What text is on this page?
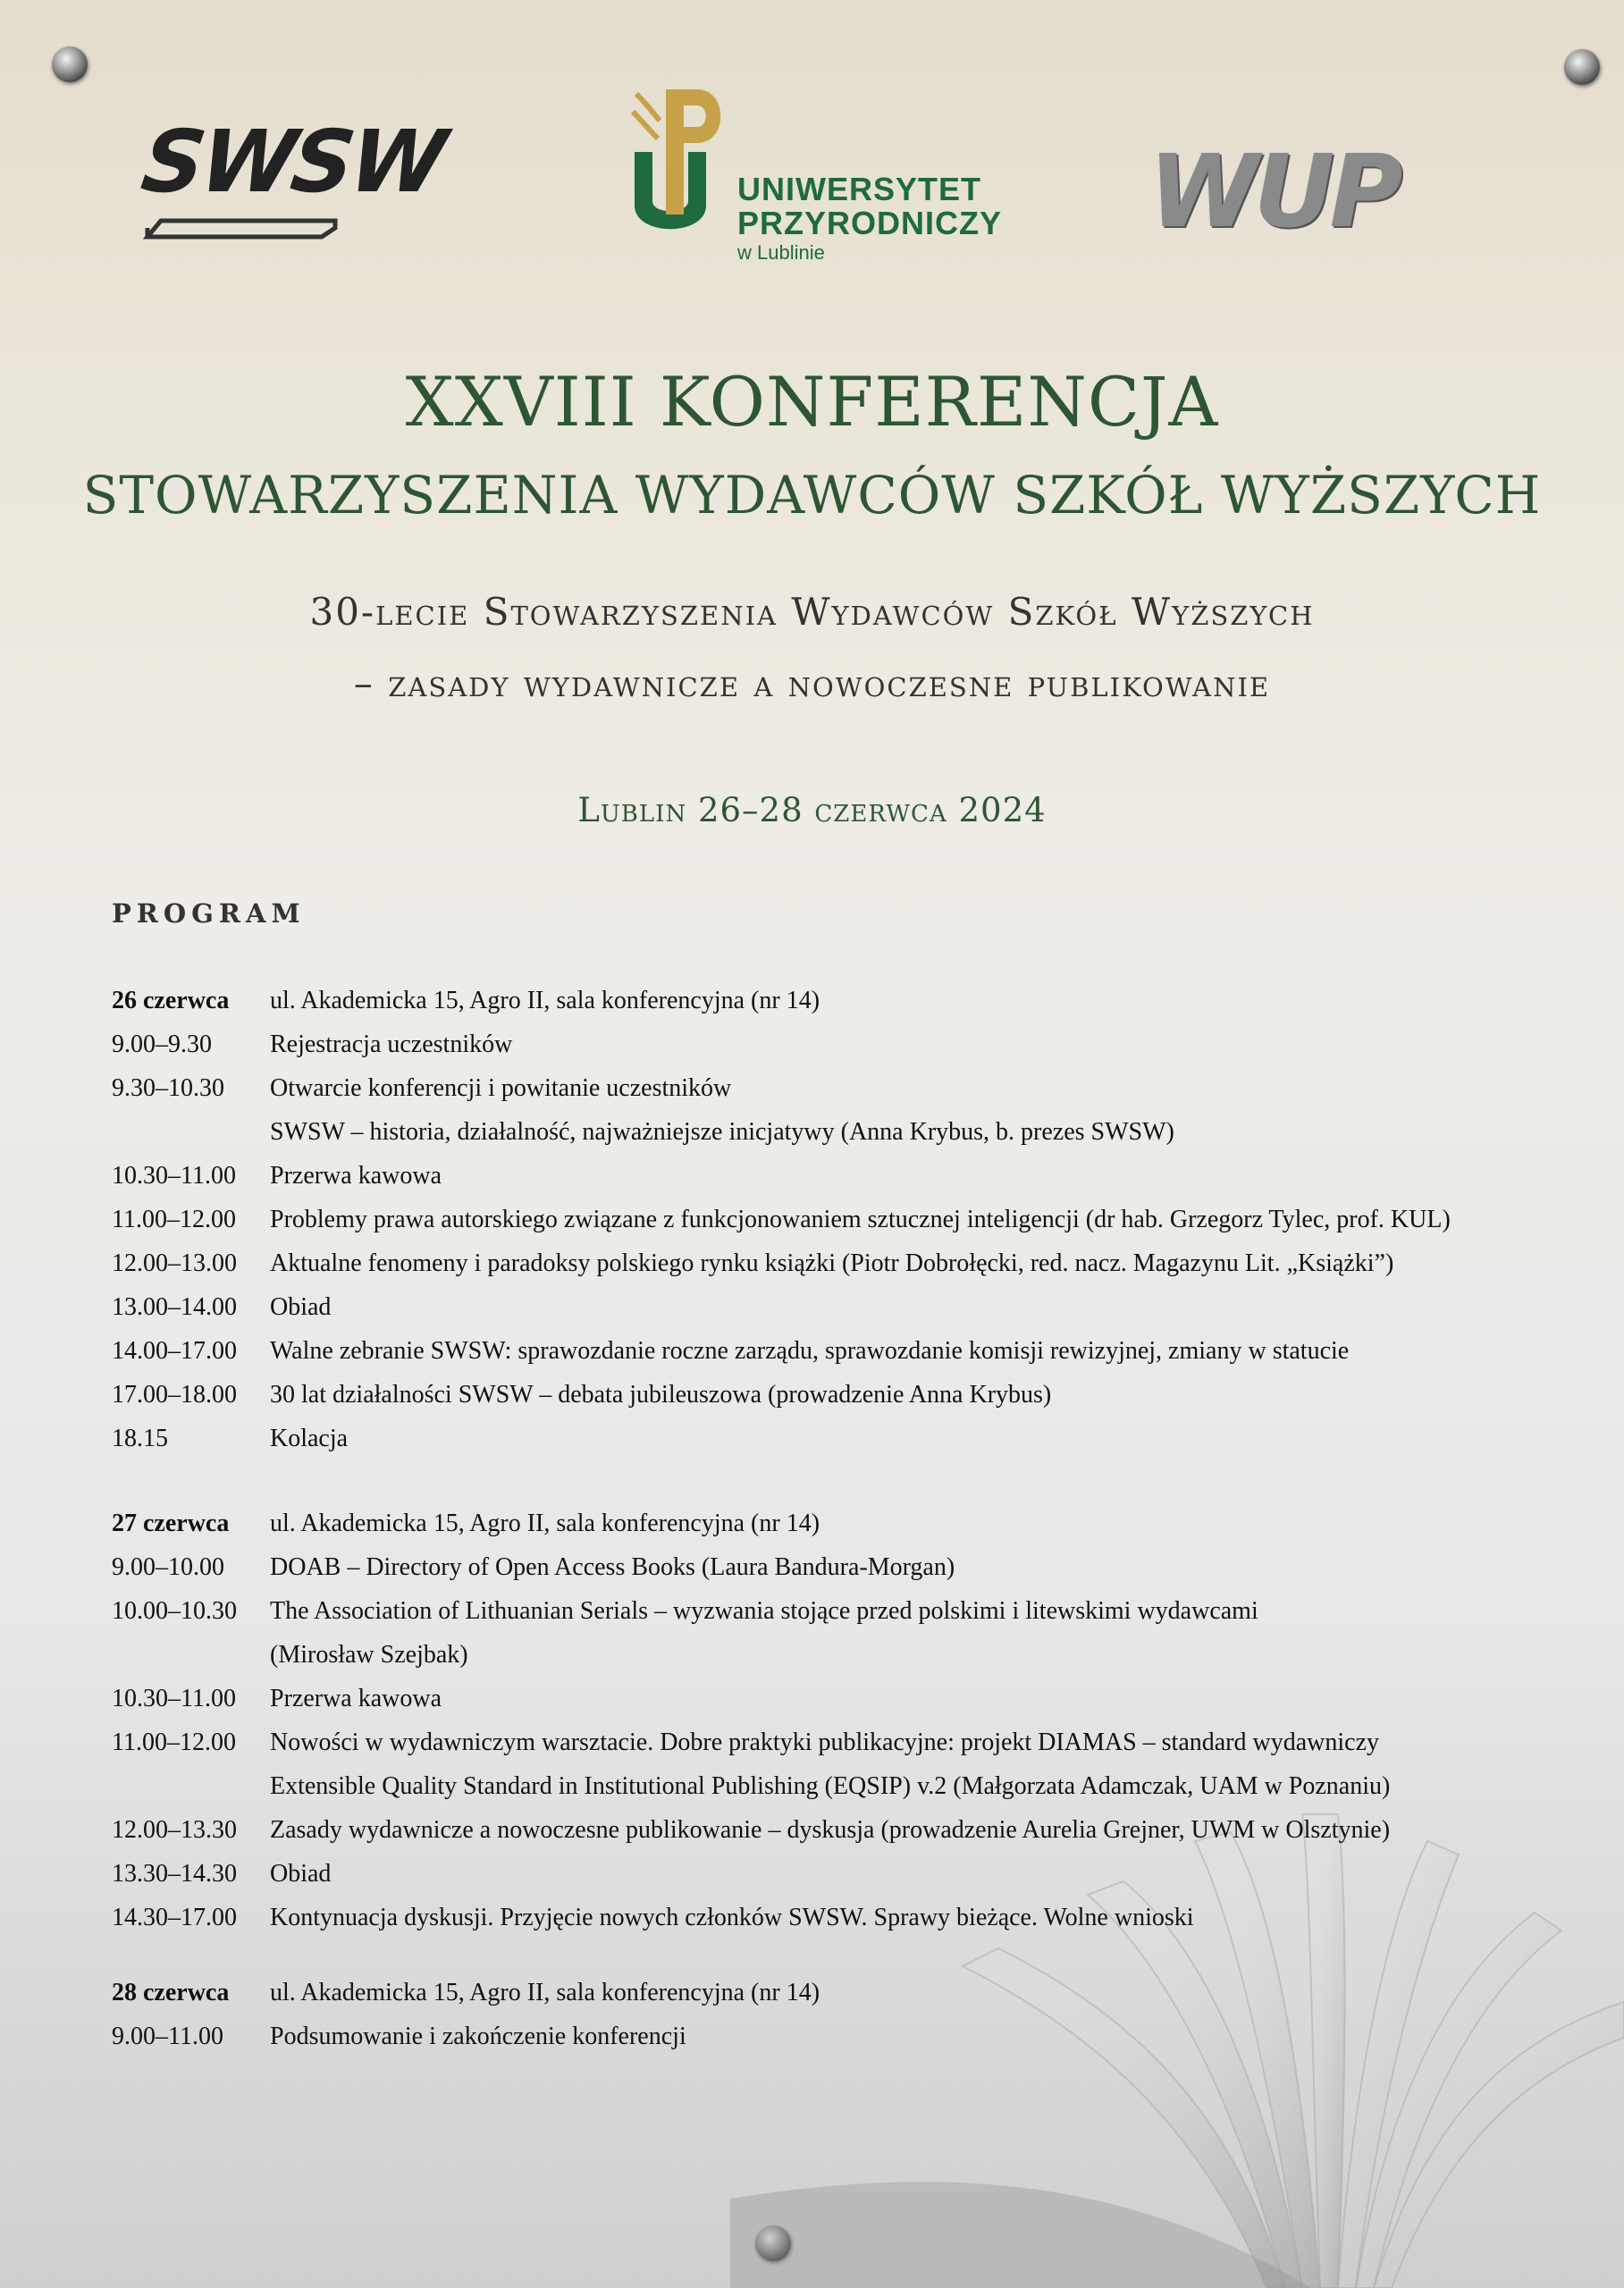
SWSW	UNIWERSYTET
PRZYRODNICZY
w Lublinie
WUP
XXVIII KONFERENCJA
STOWARZYSZENIA WYDAWCÓW SZKÓŁ WYŻSZYCH
30-lecie Stowarzyszenia Wydawców Szkół Wyższych
– zasady wydawnicze a nowoczesne publikowanie
Lublin 26–28 czerwca 2024
PROGRAM
26 czerwca	ul. Akademicka 15, Agro II, sala konferencyjna (nr 14)
9.00–9.30	Rejestracja uczestników
9.30–10.30	Otwarcie konferencji i powitanie uczestników
SWSW – historia, działalność, najważniejsze inicjatywy (Anna Krybus, b. prezes SWSW)
10.30–11.00	Przerwa kawowa
11.00–12.00	Problemy prawa autorskiego związane z funkcjonowaniem sztucznej inteligencji (dr hab. Grzegorz Tylec, prof. KUL)
12.00–13.00	Aktualne fenomeny i paradoksy polskiego rynku książki (Piotr Dobrołęcki, red. nacz. Magazynu Lit. „Książki”)
13.00–14.00	Obiad
14.00–17.00	Walne zebranie SWSW: sprawozdanie roczne zarządu, sprawozdanie komisji rewizyjnej, zmiany w statucie
17.00–18.00	30 lat działalności SWSW – debata jubileuszowa (prowadzenie Anna Krybus)
18.15	Kolacja
27 czerwca	ul. Akademicka 15, Agro II, sala konferencyjna (nr 14)
9.00–10.00	DOAB – Directory of Open Access Books (Laura Bandura-Morgan)
10.00–10.30	The Association of Lithuanian Serials – wyzwania stojące przed polskimi i litewskimi wydawcami
(Mirosław Szejbak)
10.30–11.00	Przerwa kawowa
11.00–12.00	Nowości w wydawniczym warsztacie. Dobre praktyki publikacyjne: projekt DIAMAS – standard wydawniczy
Extensible Quality Standard in Institutional Publishing (EQSIP) v.2 (Małgorzata Adamczak, UAM w Poznaniu)
12.00–13.30	Zasady wydawnicze a nowoczesne publikowanie – dyskusja (prowadzenie Aurelia Grejner, UWM w Olsztynie)
13.30–14.30	Obiad
14.30–17.00	Kontynuacja dyskusji. Przyjęcie nowych członków SWSW. Sprawy bieżące. Wolne wnioski
28 czerwca	ul. Akademicka 15, Agro II, sala konferencyjna (nr 14)
9.00–11.00	Podsumowanie i zakończenie konferencji
